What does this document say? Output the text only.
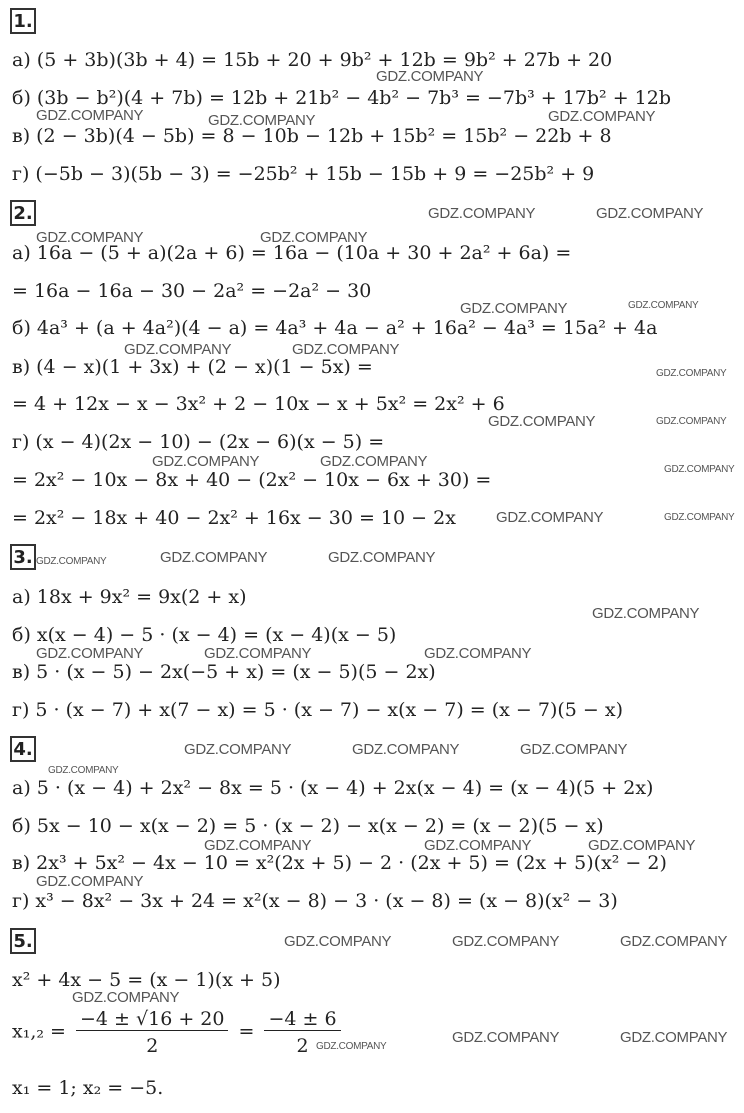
1.
а) (5 + 3b)(3b + 4) = 15b + 20 + 9b² + 12b = 9b² + 27b + 20
б) (3b − b²)(4 + 7b) = 12b + 21b² − 4b² − 7b³ = −7b³ + 17b² + 12b
в) (2 − 3b)(4 − 5b) = 8 − 10b − 12b + 15b² = 15b² − 22b + 8
г) (−5b − 3)(5b − 3) = −25b² + 15b − 15b + 9 = −25b² + 9
2.
а) 16a − (5 + a)(2a + 6) = 16a − (10a + 30 + 2a² + 6a) =
= 16a − 16a − 30 − 2a² = −2a² − 30
б) 4a³ + (a + 4a²)(4 − a) = 4a³ + 4a − a² + 16a² − 4a³ = 15a² + 4a
в) (4 − x)(1 + 3x) + (2 − x)(1 − 5x) =
= 4 + 12x − x − 3x² + 2 − 10x − x + 5x² = 2x² + 6
г) (x − 4)(2x − 10) − (2x − 6)(x − 5) =
= 2x² − 10x − 8x + 40 − (2x² − 10x − 6x + 30) =
= 2x² − 18x + 40 − 2x² + 16x − 30 = 10 − 2x
3.
а) 18x + 9x² = 9x(2 + x)
б) x(x − 4) − 5 · (x − 4) = (x − 4)(x − 5)
в) 5 · (x − 5) − 2x(−5 + x) = (x − 5)(5 − 2x)
г) 5 · (x − 7) + x(7 − x) = 5 · (x − 7) − x(x − 7) = (x − 7)(5 − x)
4.
а) 5 · (x − 4) + 2x² − 8x = 5 · (x − 4) + 2x(x − 4) = (x − 4)(5 + 2x)
б) 5x − 10 − x(x − 2) = 5 · (x − 2) − x(x − 2) = (x − 2)(5 − x)
в) 2x³ + 5x² − 4x − 10 = x²(2x + 5) − 2 · (2x + 5) = (2x + 5)(x² − 2)
г) x³ − 8x² − 3x + 24 = x²(x − 8) − 3 · (x − 8) = (x − 8)(x² − 3)
5.
x² + 4x − 5 = (x − 1)(x + 5)
$x_1,_2 = \frac{-4 \pm √16 + 20}{2} = \frac{-4 \pm 6}{2}$
x₁ = 1; x₂ = −5.
GDZ.COMPANY
GDZ.COMPANY	GDZ.COMPANY	GDZ.COMPANY
GDZ.COMPANY	GDZ.COMPANY
GDZ.COMPANY	GDZ.COMPANY
GDZ.COMPANY	GDZ.COMPANY
GDZ.COMPANY	GDZ.COMPANY
GDZ.COMPANY
GDZ.COMPANY	GDZ.COMPANY
GDZ.COMPANY	GDZ.COMPANY	GDZ.COMPANY
GDZ.COMPANY	GDZ.COMPANY
GDZ.COMPANY	GDZ.COMPANY	GDZ.COMPANY
GDZ.COMPANY
GDZ.COMPANY	GDZ.COMPANY	GDZ.COMPANY
GDZ.COMPANY	GDZ.COMPANY	GDZ.COMPANY
GDZ.COMPANY
GDZ.COMPANY	GDZ.COMPANY	GDZ.COMPANY
GDZ.COMPANY
GDZ.COMPANY	GDZ.COMPANY	GDZ.COMPANY
GDZ.COMPANY
GDZ.COMPANY	GDZ.COMPANY
GDZ.COMPANY
